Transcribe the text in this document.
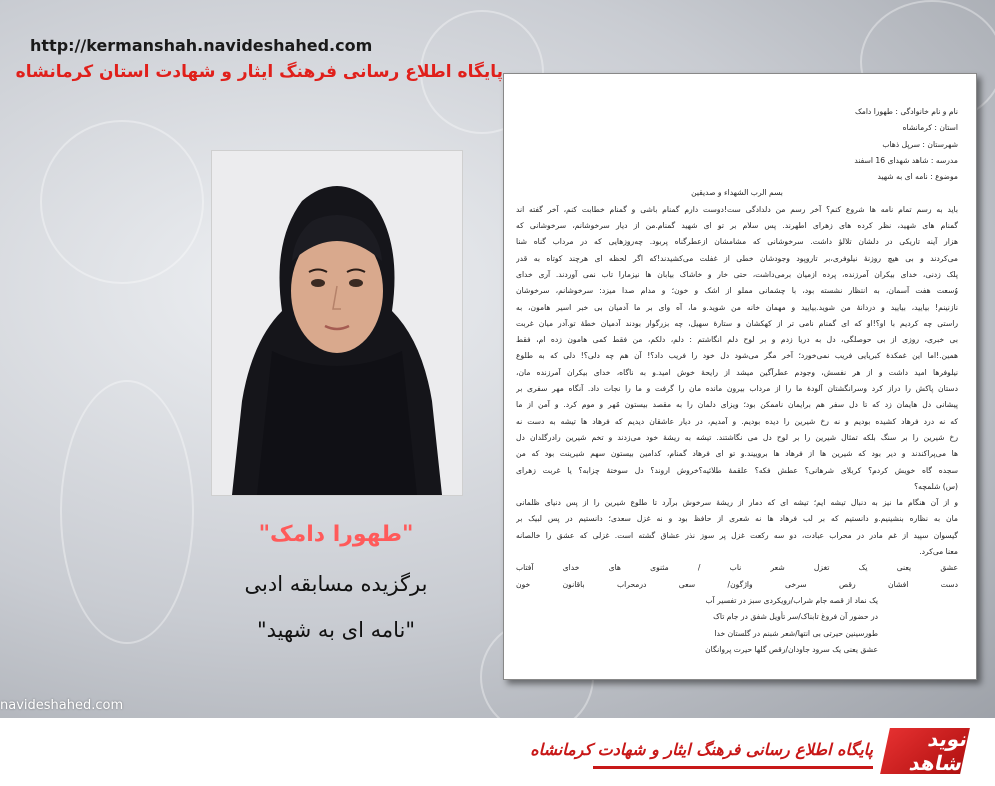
http://kermanshah.navideshahed.com
پایگاه اطلاع رسانی فرهنگ ایثار و شهادت استان کرمانشاه
"طهورا دامک"
برگزیده مسابقه ادبی
"نامه ای به شهید"
navideshahed.com
نام و نام خانوادگی : طهورا دامک
استان : کرمانشاه
شهرستان : سرپل ذهاب
مدرسه : شاهد شهدای 16 اسفند
موضوع : نامه ای به شهید
بسم الرب الشهداء و صدیقین
باید به رسم تمام نامه ها شروع کنم؟ آخر رسم من دلدادگی ست!دوست دارم گمنام باشی و گمنام خطابت کنم، آخر گفته اند
گمنام های شهید، نظر کرده های زهرای اطهرند. پس سلام بر تو ای شهید گمنام.من از دیار سرخوشانم، سرخوشانی که
هزار آینه تاریکی در دلشان تلالؤ داشت. سرخوشانی که مشامشان ازعطرگناه پربود. چه‌روزهایی که در مرداب گناه شنا
می‌کردند و بی هیچ روزنهٔ نیلوفری،بر تاروپود وجودشان خطی از غفلت می‌کشیدند!که اگر لحظه ای هرچند کوتاه به قدر
پلک زدنی، خدای بیکران آمرزنده، پرده ازمیان برمی‌داشت، حتی خار و خاشاک بیابان ها نیزمارا تاب نمی آوردند. آری خدای
وُسعت هفت آسمان، به انتظار نشسته بود، با چشمانی مملو از اشک و خون؛ و مدام صدا میزد: سرخوشانم، سرخوشان
نازنینم! بیایید، بیایید و دردانهٔ من شوید.بیایید و مهمان خانه من شوید.و ما، آه وای بر ما آدمیان بی خبر اسیر هامون، به
راستی چه کردیم با او؟!او که ای گمنام نامی تر از کهکشان و ستارهٔ سهیل، چه بزرگوار بودند آدمیان خطهٔ تو.آدر میان غربت
بی خبری، روزی از بی حوصلگی، دل به دریا زدم و بر لوح دلم انگاشتم : دلم، دلکم، من فقط کمی هامون زده ام، فقط
همین.!اما این غمکدهٔ کبریایی فریب نمی‌خورد؛ آخر مگر می‌شود دل خود را فریب داد؟! آن هم چه دلی؟! دلی که به طلوع
نیلوفرها امید داشت و از هر نفسش، وجودم عطرآگین میشد از رایحهٔ خوش امید.و به ناگاه، خدای بیکران آمرزنده مان،
دستان پاکش را دراز کرد وسرانگشتان آلودهٔ ما را از مرداب بیرون مانده مان را گرفت و ما را نجات داد. آنگاه مهر سفری بر
پیشانی دل هایمان زد که تا دل سفر هم برایمان ناممکن بود؛ ویزای دلمان را به مقصد بیستون مُهر و موم کرد. و آمن از ما
که نه درد فرهاد کشیده بودیم و نه رخ شیرین را دیده بودیم. و آمدیم، در دیار عاشقان دیدیم که فرهاد ها تیشه به دست نه
رخ شیرین را بر سنگ بلکه تمثال شیرین را بر لوح دل می نگاشتند. تیشه به ریشهٔ خود می‌زدند و تخم شیرین رادرگلدان دل
ها می‌پراکندند و دیر بود که شیرین ها از فرهاد ها بروییند.و تو ای فرهاد گمنام، کدامین بیستون سهم شیرینت بود که من
سجده گاه خویش کردم؟ کربلای شرهانی؟ عطش فکه؟ علقمهٔ طلائیه؟خروش اروند؟ دل سوختهٔ چزابه؟ یا غربت زهرای
(س) شلمچه؟
و از آن هنگام ما نیز به دنبال تیشه ایم؛ تیشه ای که دمار از ریشهٔ سرخوش برآرد تا طلوع شیرین را از پس دنیای ظلمانی
مان به نظاره بنشینیم.و دانستیم که بر لب فرهاد ها نه شعری از حافظ بود و نه غزل سعدی؛ دانستیم در پس لبیک بر
گیسوان سپید از غم مادر در محراب عبادت، دو سه رکعت غزل پر سوز نذر عشاق گشته است. غزلی که عشق را خالصانه
معنا می‌کرد.
عشق یعنی یک تغزل شعر ناب / مثنوی های خدای آفتاب
دست افشان رقص سرخی واژگون/ سعی درمحراب باقانون خون
یک نماد از قصه جام شراب/رویکردی سبز در تفسیر آب
در حضور آن فروغ تابناک/سر تأویل شفق در جام تاک
طورسینین حیرتی بی انتها/شعر شبنم در گلستان خدا
عشق یعنی یک سرود جاودان/رقص گلها حیرت پروانگان
نوید شاهد
پایگاه اطلاع رسانی فرهنگ ایثار و شهادت کرمانشاه
